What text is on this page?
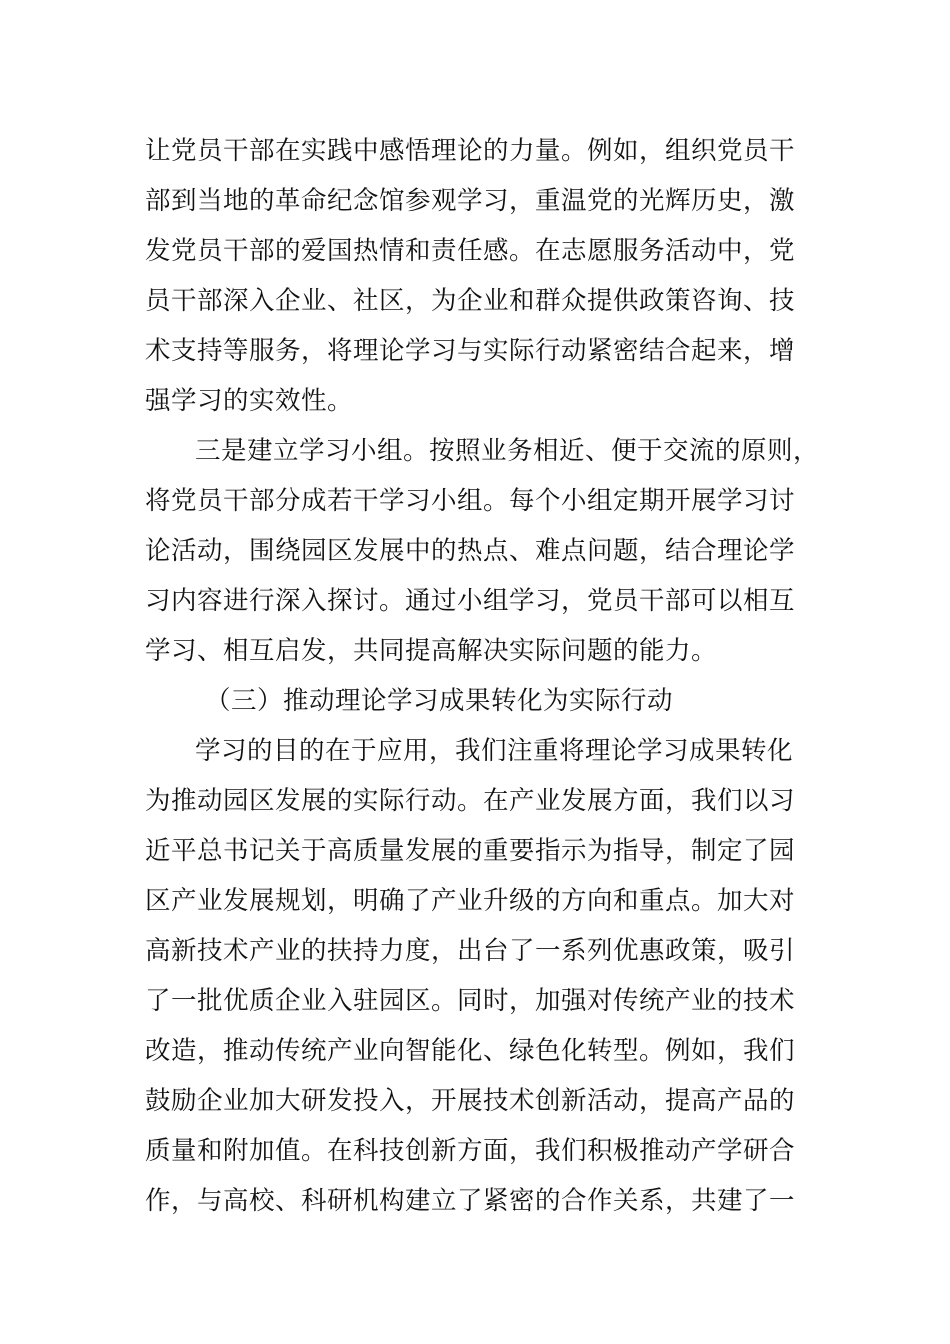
让党员干部在实践中感悟理论的力量。例如，组织党员干
部到当地的革命纪念馆参观学习，重温党的光辉历史，激
发党员干部的爱国热情和责任感。在志愿服务活动中，党
员干部深入企业、社区，为企业和群众提供政策咨询、技
术支持等服务，将理论学习与实际行动紧密结合起来，增
强学习的实效性。
三是建立学习小组。按照业务相近、便于交流的原则，
将党员干部分成若干学习小组。每个小组定期开展学习讨
论活动，围绕园区发展中的热点、难点问题，结合理论学
习内容进行深入探讨。通过小组学习，党员干部可以相互
学习、相互启发，共同提高解决实际问题的能力。
（三）推动理论学习成果转化为实际行动
学习的目的在于应用，我们注重将理论学习成果转化
为推动园区发展的实际行动。在产业发展方面，我们以习
近平总书记关于高质量发展的重要指示为指导，制定了园
区产业发展规划，明确了产业升级的方向和重点。加大对
高新技术产业的扶持力度，出台了一系列优惠政策，吸引
了一批优质企业入驻园区。同时，加强对传统产业的技术
改造，推动传统产业向智能化、绿色化转型。例如，我们
鼓励企业加大研发投入，开展技术创新活动，提高产品的
质量和附加值。在科技创新方面，我们积极推动产学研合
作，与高校、科研机构建立了紧密的合作关系，共建了一
